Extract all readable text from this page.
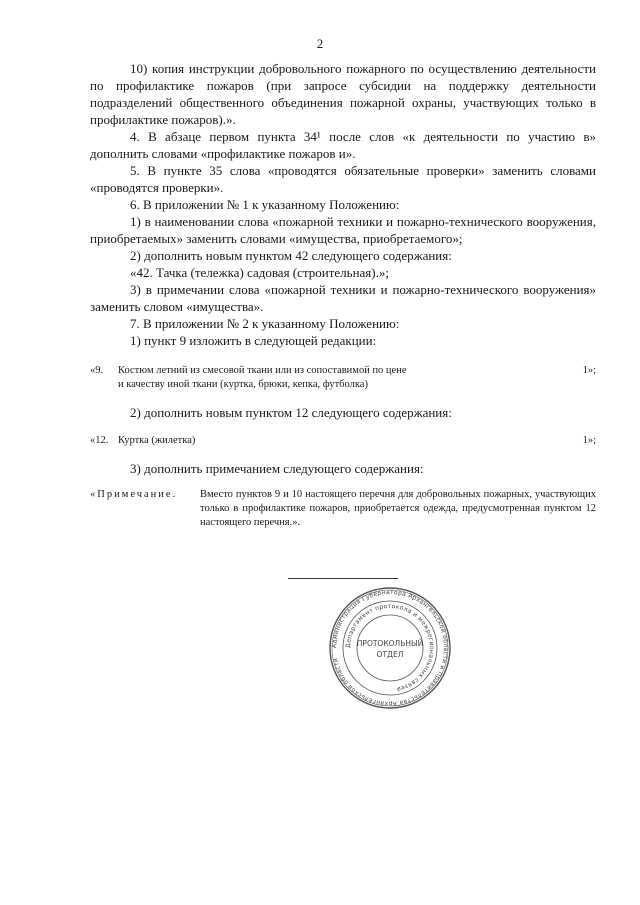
2

10) копия инструкции добровольного пожарного по осуществлению деятельности по профилактике пожаров (при запросе субсидии на поддержку деятельности подразделений общественного объединения пожарной охраны, участвующих только в профилактике пожаров).».

4. В абзаце первом пункта 34¹ после слов «к деятельности по участию в» дополнить словами «профилактике пожаров и».

5. В пункте 35 слова «проводятся обязательные проверки» заменить словами «проводятся проверки».

6. В приложении № 1 к указанному Положению:

1) в наименовании слова «пожарной техники и пожарно-технического вооружения, приобретаемых» заменить словами «имущества, приобретаемого»;

2) дополнить новым пунктом 42 следующего содержания:

«42. Тачка (тележка) садовая (строительная).»;

3) в примечании слова «пожарной техники и пожарно-технического вооружения» заменить словом «имущества».

7. В приложении № 2 к указанному Положению:

1) пункт 9 изложить в следующей редакции:

«9.	Костюм летний из смесовой ткани или из сопоставимой по цене	1»;
и качеству иной ткани (куртка, брюки, кепка, футболка)
2) дополнить новым пунктом 12 следующего содержания:
«12. Куртка (жилетка)	1»;
3) дополнить примечанием следующего содержания:
«Примечание.	Вместо пунктов 9 и 10 настоящего перечня для добровольных пожарных, участвующих только в профилактике пожаров, приобретается одежда, предусмотренная пунктом 12 настоящего перечня.».
Администрация Губернатора Архангельской области и Правительства Архангельской области
Департамент протокола и межрегиональных связей
ПРОТОКОЛЬНЫЙ
ОТДЕЛ
